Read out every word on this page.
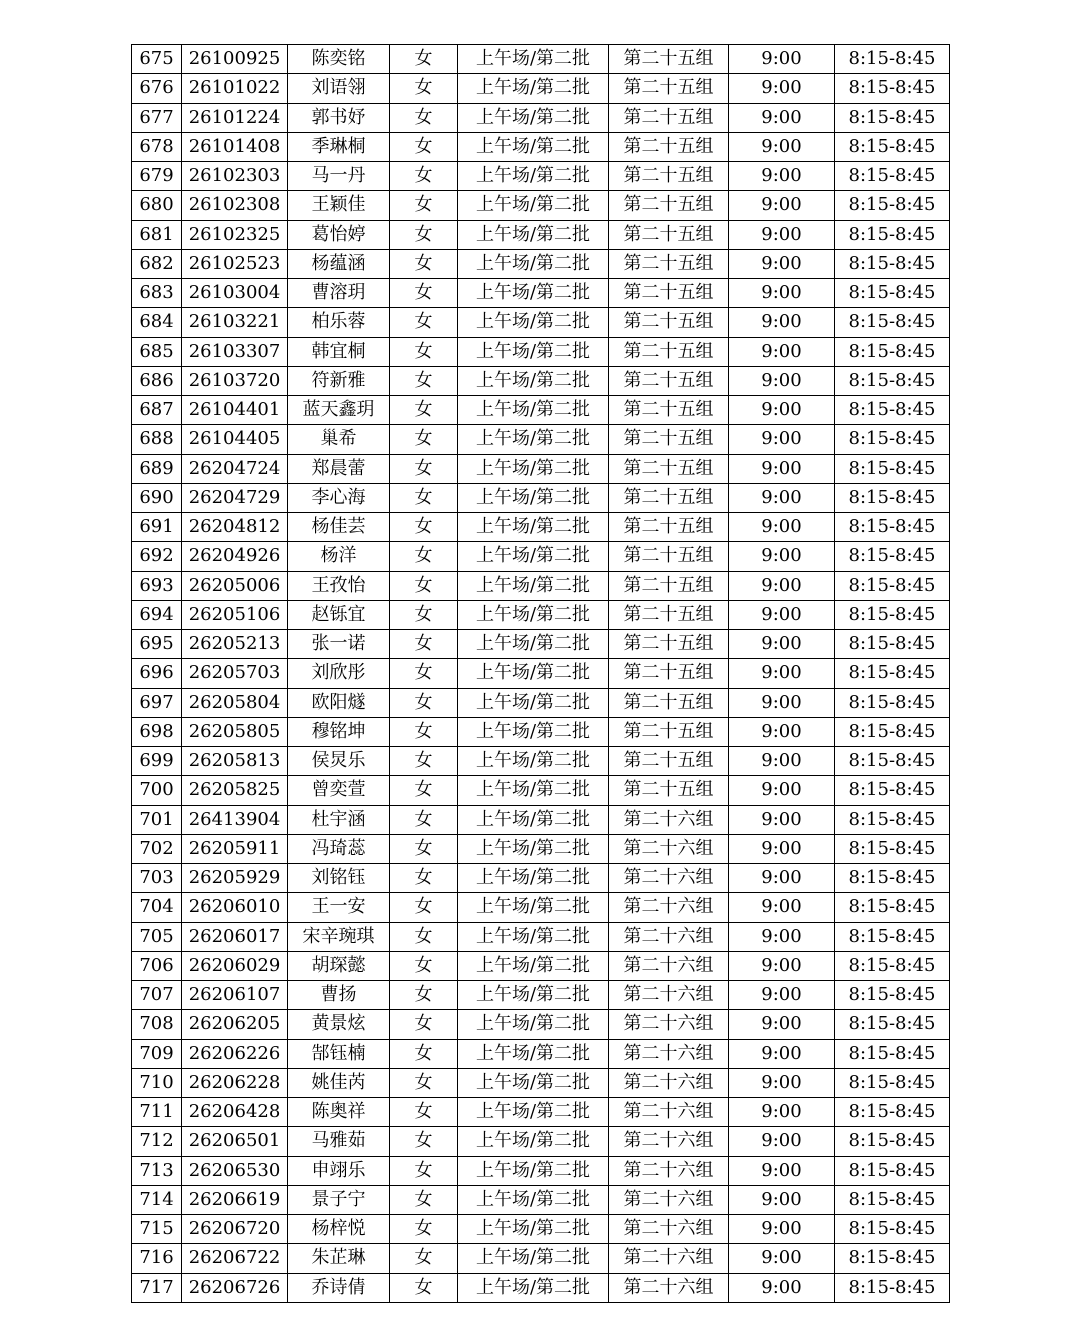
675	26100925	陈奕铭	女	上午场/第二批	第二十五组	9:00	8:15-8:45
676	26101022	刘语翎	女	上午场/第二批	第二十五组	9:00	8:15-8:45
677	26101224	郭书妤	女	上午场/第二批	第二十五组	9:00	8:15-8:45
678	26101408	季琳桐	女	上午场/第二批	第二十五组	9:00	8:15-8:45
679	26102303	马一丹	女	上午场/第二批	第二十五组	9:00	8:15-8:45
680	26102308	王颖佳	女	上午场/第二批	第二十五组	9:00	8:15-8:45
681	26102325	葛怡婷	女	上午场/第二批	第二十五组	9:00	8:15-8:45
682	26102523	杨蕴涵	女	上午场/第二批	第二十五组	9:00	8:15-8:45
683	26103004	曹溶玥	女	上午场/第二批	第二十五组	9:00	8:15-8:45
684	26103221	柏乐蓉	女	上午场/第二批	第二十五组	9:00	8:15-8:45
685	26103307	韩宜桐	女	上午场/第二批	第二十五组	9:00	8:15-8:45
686	26103720	符新雅	女	上午场/第二批	第二十五组	9:00	8:15-8:45
687	26104401	蓝天鑫玥	女	上午场/第二批	第二十五组	9:00	8:15-8:45
688	26104405	巢希	女	上午场/第二批	第二十五组	9:00	8:15-8:45
689	26204724	郑晨蕾	女	上午场/第二批	第二十五组	9:00	8:15-8:45
690	26204729	李心海	女	上午场/第二批	第二十五组	9:00	8:15-8:45
691	26204812	杨佳芸	女	上午场/第二批	第二十五组	9:00	8:15-8:45
692	26204926	杨洋	女	上午场/第二批	第二十五组	9:00	8:15-8:45
693	26205006	王孜怡	女	上午场/第二批	第二十五组	9:00	8:15-8:45
694	26205106	赵铄宜	女	上午场/第二批	第二十五组	9:00	8:15-8:45
695	26205213	张一诺	女	上午场/第二批	第二十五组	9:00	8:15-8:45
696	26205703	刘欣彤	女	上午场/第二批	第二十五组	9:00	8:15-8:45
697	26205804	欧阳燧	女	上午场/第二批	第二十五组	9:00	8:15-8:45
698	26205805	穆铭坤	女	上午场/第二批	第二十五组	9:00	8:15-8:45
699	26205813	侯炅乐	女	上午场/第二批	第二十五组	9:00	8:15-8:45
700	26205825	曾奕萱	女	上午场/第二批	第二十五组	9:00	8:15-8:45
701	26413904	杜宇涵	女	上午场/第二批	第二十六组	9:00	8:15-8:45
702	26205911	冯琦蕊	女	上午场/第二批	第二十六组	9:00	8:15-8:45
703	26205929	刘铭钰	女	上午场/第二批	第二十六组	9:00	8:15-8:45
704	26206010	王一安	女	上午场/第二批	第二十六组	9:00	8:15-8:45
705	26206017	宋辛琬琪	女	上午场/第二批	第二十六组	9:00	8:15-8:45
706	26206029	胡琛懿	女	上午场/第二批	第二十六组	9:00	8:15-8:45
707	26206107	曹扬	女	上午场/第二批	第二十六组	9:00	8:15-8:45
708	26206205	黄景炫	女	上午场/第二批	第二十六组	9:00	8:15-8:45
709	26206226	郜钰楠	女	上午场/第二批	第二十六组	9:00	8:15-8:45
710	26206228	姚佳芮	女	上午场/第二批	第二十六组	9:00	8:15-8:45
711	26206428	陈奥祥	女	上午场/第二批	第二十六组	9:00	8:15-8:45
712	26206501	马雅茹	女	上午场/第二批	第二十六组	9:00	8:15-8:45
713	26206530	申翊乐	女	上午场/第二批	第二十六组	9:00	8:15-8:45
714	26206619	景子宁	女	上午场/第二批	第二十六组	9:00	8:15-8:45
715	26206720	杨梓悦	女	上午场/第二批	第二十六组	9:00	8:15-8:45
716	26206722	朱芷琳	女	上午场/第二批	第二十六组	9:00	8:15-8:45
717	26206726	乔诗倩	女	上午场/第二批	第二十六组	9:00	8:15-8:45
